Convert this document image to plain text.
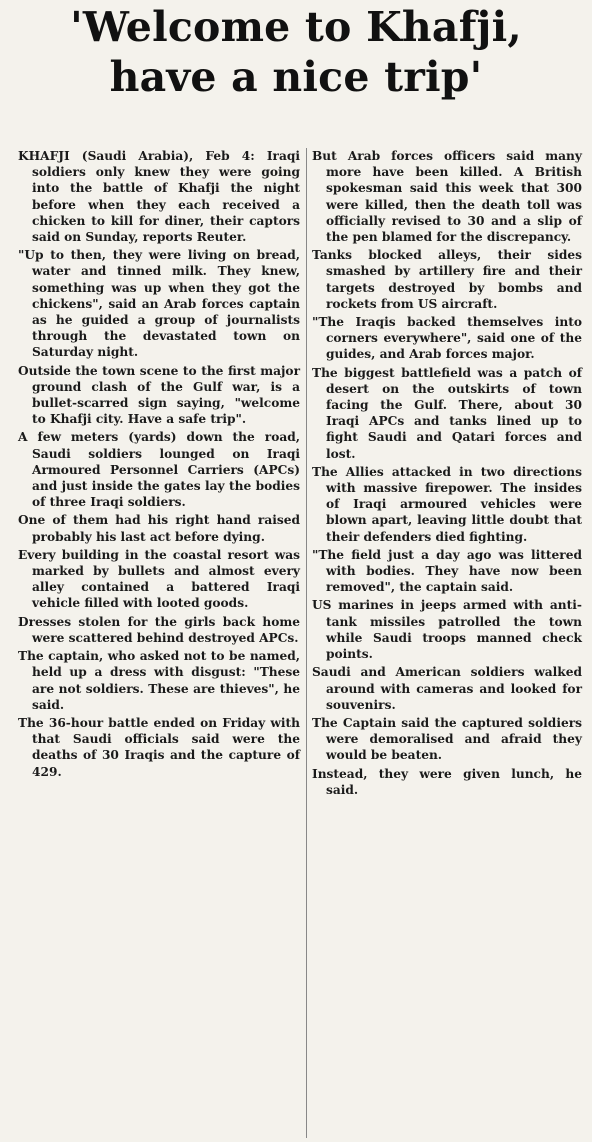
'Welcome to Khafji,
have a nice trip'

KHAFJI (Saudi Arabia), Feb 4: Iraqi soldiers only knew they were going into the battle of Khafji the night before when they each received a chicken to kill for diner, their captors said on Sunday, reports Reuter.

"Up to then, they were living on bread, water and tinned milk. They knew, something was up when they got the chickens", said an Arab forces captain as he guided a group of journalists through the devastated town on Saturday night.

Outside the town scene to the first major ground clash of the Gulf war, is a bullet-scarred sign saying, "welcome to Khafji city. Have a safe trip".

A few meters (yards) down the road, Saudi soldiers lounged on Iraqi Armoured Personnel Carriers (APCs) and just inside the gates lay the bodies of three Iraqi soldiers.

One of them had his right hand raised probably his last act before dying.

Every building in the coastal resort was marked by bullets and almost every alley contained a battered Iraqi vehicle filled with looted goods.

Dresses stolen for the girls back home were scattered behind destroyed APCs.

The captain, who asked not to be named, held up a dress with disgust: "These are not soldiers. These are thieves", he said.

The 36-hour battle ended on Friday with that Saudi officials said were the deaths of 30 Iraqis and the capture of 429.

But Arab forces officers said many more have been killed. A British spokesman said this week that 300 were killed, then the death toll was officially revised to 30 and a slip of the pen blamed for the discrepancy.

Tanks blocked alleys, their sides smashed by artillery fire and their targets destroyed by bombs and rockets from US aircraft.

"The Iraqis backed themselves into corners everywhere", said one of the guides, and Arab forces major.

The biggest battlefield was a patch of desert on the outskirts of town facing the Gulf. There, about 30 Iraqi APCs and tanks lined up to fight Saudi and Qatari forces and lost.

The Allies attacked in two directions with massive firepower. The insides of Iraqi armoured vehicles were blown apart, leaving little doubt that their defenders died fighting.

"The field just a day ago was littered with bodies. They have now been removed", the captain said.

US marines in jeeps armed with anti-tank missiles patrolled the town while Saudi troops manned check points.

Saudi and American soldiers walked around with cameras and looked for souvenirs.

The Captain said the captured soldiers were demoralised and afraid they would be beaten.

Instead, they were given lunch, he said.
